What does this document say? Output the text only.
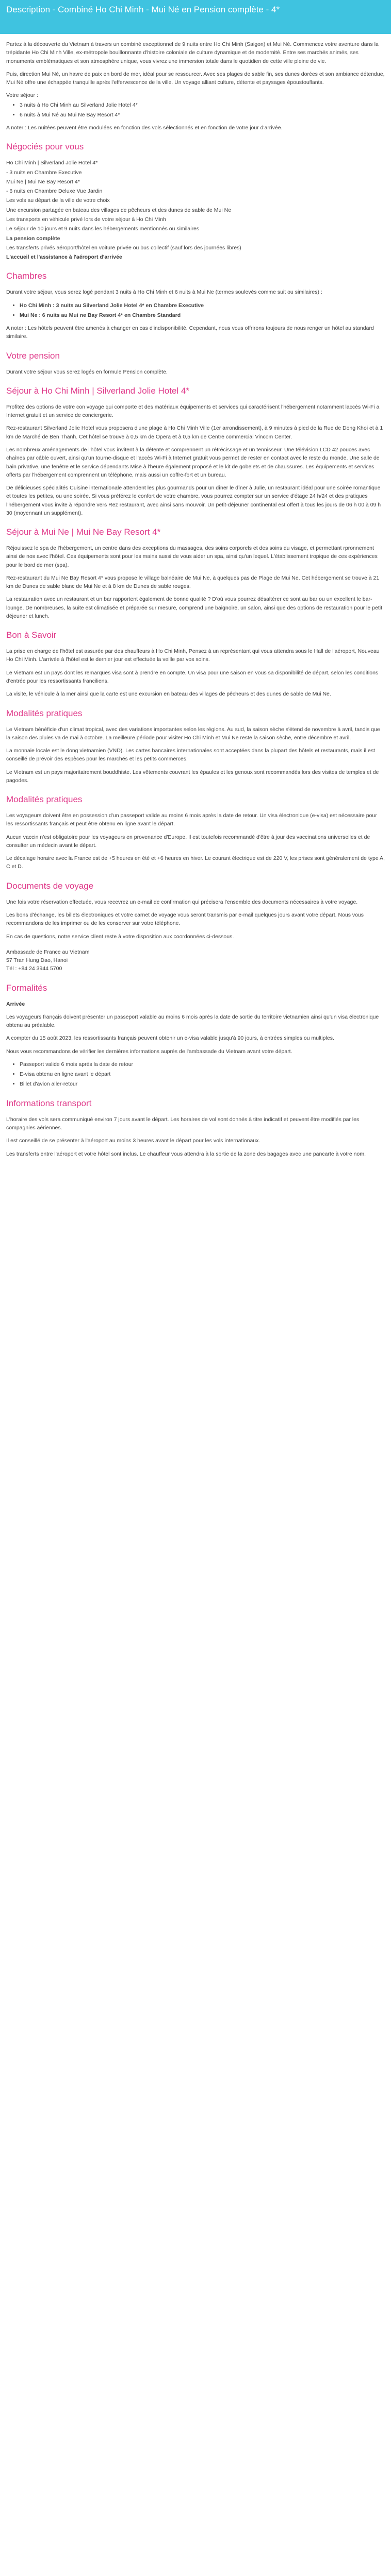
Description - Combiné Ho Chi Minh - Mui Né en Pension complète - 4*

Partez à la découverte du Vietnam à travers un combiné exceptionnel de 9 nuits entre Ho Chi Minh (Saigon) et Mui Né. Commencez votre aventure dans la trépidante Ho Chi Minh Ville, ex-métropole bouillonnante d'histoire coloniale de culture dynamique et de modernité. Entre ses marchés animés, ses monuments emblématiques et son atmosphère unique, vous vivrez une immersion totale dans le quotidien de cette ville pleine de vie.

Puis, direction Mui Né, un havre de paix en bord de mer, idéal pour se ressourcer. Avec ses plages de sable fin, ses dunes dorées et son ambiance détendue, Mui Né offre une échappée tranquille après l'effervescence de la ville. Un voyage alliant culture, détente et paysages époustouflants.

Votre séjour :

• 3 nuits à Ho Chi Minh au Silverland Jolie Hotel 4*
• 6 nuits à Mui Né au Mui Ne Bay Resort 4*

A noter : Les nuitées peuvent être modulées en fonction des vols sélectionnés et en fonction de votre jour d'arrivée.

Négociés pour vous

Ho Chi Minh | Silverland Jolie Hotel 4*

- 3 nuits en Chambre Executive

Mui Ne | Mui Ne Bay Resort 4*

- 6 nuits en Chambre Deluxe Vue Jardin

Les vols au départ de la ville de votre choix

Une excursion partagée en bateau des villages de pêcheurs et des dunes de sable de Mui Ne

Les transports en véhicule privé lors de votre séjour à Ho Chi Minh

Le séjour de 10 jours et 9 nuits dans les hébergements mentionnés ou similaires

La pension complète

Les transferts privés aéroport/hôtel en voiture privée ou bus collectif (sauf lors des journées libres)

L'accueil et l'assistance à l'aéroport d'arrivée

Chambres

Durant votre séjour, vous serez logé pendant 3 nuits à Ho Chi Minh et 6 nuits à Mui Ne (termes soulevés comme suit ou similaires) :

• Ho Chi Minh : 3 nuits au Silverland Jolie Hotel 4* en Chambre Executive
• Mui Ne : 6 nuits au Mui ne Bay Resort 4* en Chambre Standard

A noter : Les hôtels peuvent être amenés à changer en cas d'indisponibilité. Cependant, nous vous offrirons toujours de nous renger un hôtel au standard similaire.

Votre pension

Durant votre séjour vous serez logés en formule Pension complète.

Séjour à Ho Chi Minh | Silverland Jolie Hotel 4*

Profitez des options de votre con voyage qui comporte et des matériaux équipements et services qui caractérisent l'hébergement notamment laccès Wi-Fi a Internet gratuit et un service de conciergerie.

Rez-restaurant Silverland Jolie Hotel vous proposera d'une plage à Ho Chi Minh Ville (1er arrondissement), à 9 minutes à pied de la Rue de Dong Khoi et à 1 km de Marché de Ben Thanh. Cet hôtel se trouve à 0,5 km de Opera et à 0,5 km de Centre commercial Vincom Center.

Les nombreux aménagements de l'hôtel vous invitent à la détente et comprennent un rétrécissage et un tennisseur. Une télévision LCD 42 pouces avec chaînes par câble ouvert, ainsi qu'un tourne-disque et l'accès Wi-Fi à Internet gratuit vous permet de rester en contact avec le reste du monde. Une salle de bain privative, une fenêtre et le service dépendants Mise à l'heure également proposé et le kit de gobelets et de chaussures. Les équipements et services offerts par l'hébergement comprennent un téléphone, mais aussi un coffre-fort et un bureau.

De délicieuses spécialités Cuisine internationale attendent les plus gourmands pour un dîner le dîner à Julie, un restaurant idéal pour une soirée romantique et toutes les petites, ou une soirée. Si vous préférez le confort de votre chambre, vous pourrez compter sur un service d'étage 24 h/24 et des pratiques l'hébergement vous invite à répondre vers Rez restaurant, avec ainsi sans mouvoir. Un petit-déjeuner continental est offert à tous les jours de 06 h 00 à 09 h 30 (moyennant un supplément).

Séjour à Mui Ne | Mui Ne Bay Resort 4*

Réjouissez le spa de l'hébergement, un centre dans des exceptions du massages, des soins corporels et des soins du visage, et permettant rpronnement ainsi de nos avec l'hôtel. Ces équipements sont pour les mains aussi de vous aider un spa, ainsi qu'un lequel. L'établissement tropique de ces expériences pour le bord de mer (spa).

Rez-restaurant du Mui Ne Bay Resort 4* vous propose le village balnéaire de Mui Ne, à quelques pas de Plage de Mui Ne. Cet hébergement se trouve à 21 km de Dunes de sable blanc de Mui Ne et à 8 km de Dunes de sable rouges.

La restauration avec un restaurant et un bar rapportent également de bonne qualité ? D'où vous pourrez désaltérer ce sont au bar ou un excellent le bar-lounge. De nombreuses, la suite est climatisée et préparée sur mesure, comprend une baignoire, un salon, ainsi que des options de restauration pour le petit déjeuner et lunch.

Bon à Savoir

La prise en charge de l'hôtel est assurée par des chauffeurs à Ho Chi Minh, Pensez à un représentant qui vous attendra sous le Hall de l'aéroport, Nouveau Ho Chi Minh. L'arrivée à l'hôtel est le dernier jour est effectuée la veille par vos soins.

Le Vietnam est un pays dont les remarques visa sont à prendre en compte. Un visa pour une saison en vous sa disponibilité de départ, selon les conditions d'entrée pour les ressortissants franciliens.

La visite, le véhicule à la mer ainsi que la carte est une excursion en bateau des villages de pêcheurs et des dunes de sable de Mui Ne.

Modalités pratiques

Le Vietnam bénéficie d'un climat tropical, avec des variations importantes selon les régions. Au sud, la saison sèche s'étend de novembre à avril, tandis que la saison des pluies va de mai à octobre. La meilleure période pour visiter Ho Chi Minh et Mui Ne reste la saison sèche, entre décembre et avril.

La monnaie locale est le dong vietnamien (VND). Les cartes bancaires internationales sont acceptées dans la plupart des hôtels et restaurants, mais il est conseillé de prévoir des espèces pour les marchés et les petits commerces.

Le Vietnam est un pays majoritairement bouddhiste. Les vêtements couvrant les épaules et les genoux sont recommandés lors des visites de temples et de pagodes.

Modalités pratiques

Les voyageurs doivent être en possession d'un passeport valide au moins 6 mois après la date de retour. Un visa électronique (e-visa) est nécessaire pour les ressortissants français et peut être obtenu en ligne avant le départ.

Aucun vaccin n'est obligatoire pour les voyageurs en provenance d'Europe. Il est toutefois recommandé d'être à jour des vaccinations universelles et de consulter un médecin avant le départ.

Le décalage horaire avec la France est de +5 heures en été et +6 heures en hiver. Le courant électrique est de 220 V, les prises sont généralement de type A, C et D.

Documents de voyage

Une fois votre réservation effectuée, vous recevrez un e-mail de confirmation qui précisera l'ensemble des documents nécessaires à votre voyage.

Les bons d'échange, les billets électroniques et votre carnet de voyage vous seront transmis par e-mail quelques jours avant votre départ. Nous vous recommandons de les imprimer ou de les conserver sur votre téléphone.

En cas de questions, notre service client reste à votre disposition aux coordonnées ci-dessous.

Ambassade de France au Vietnam

57 Tran Hung Dao, Hanoi

Tél : +84 24 3944 5700

Formalités

Arrivée

Les voyageurs français doivent présenter un passeport valable au moins 6 mois après la date de sortie du territoire vietnamien ainsi qu'un visa électronique obtenu au préalable.

A compter du 15 août 2023, les ressortissants français peuvent obtenir un e-visa valable jusqu'à 90 jours, à entrées simples ou multiples.

Nous vous recommandons de vérifier les dernières informations auprès de l'ambassade du Vietnam avant votre départ.

• Passeport valide 6 mois après la date de retour
• E-visa obtenu en ligne avant le départ
• Billet d'avion aller-retour
Informations transport

L'horaire des vols sera communiqué environ 7 jours avant le départ. Les horaires de vol sont donnés à titre indicatif et peuvent être modifiés par les compagnies aériennes.

Il est conseillé de se présenter à l'aéroport au moins 3 heures avant le départ pour les vols internationaux.

Les transferts entre l'aéroport et votre hôtel sont inclus. Le chauffeur vous attendra à la sortie de la zone des bagages avec une pancarte à votre nom.
